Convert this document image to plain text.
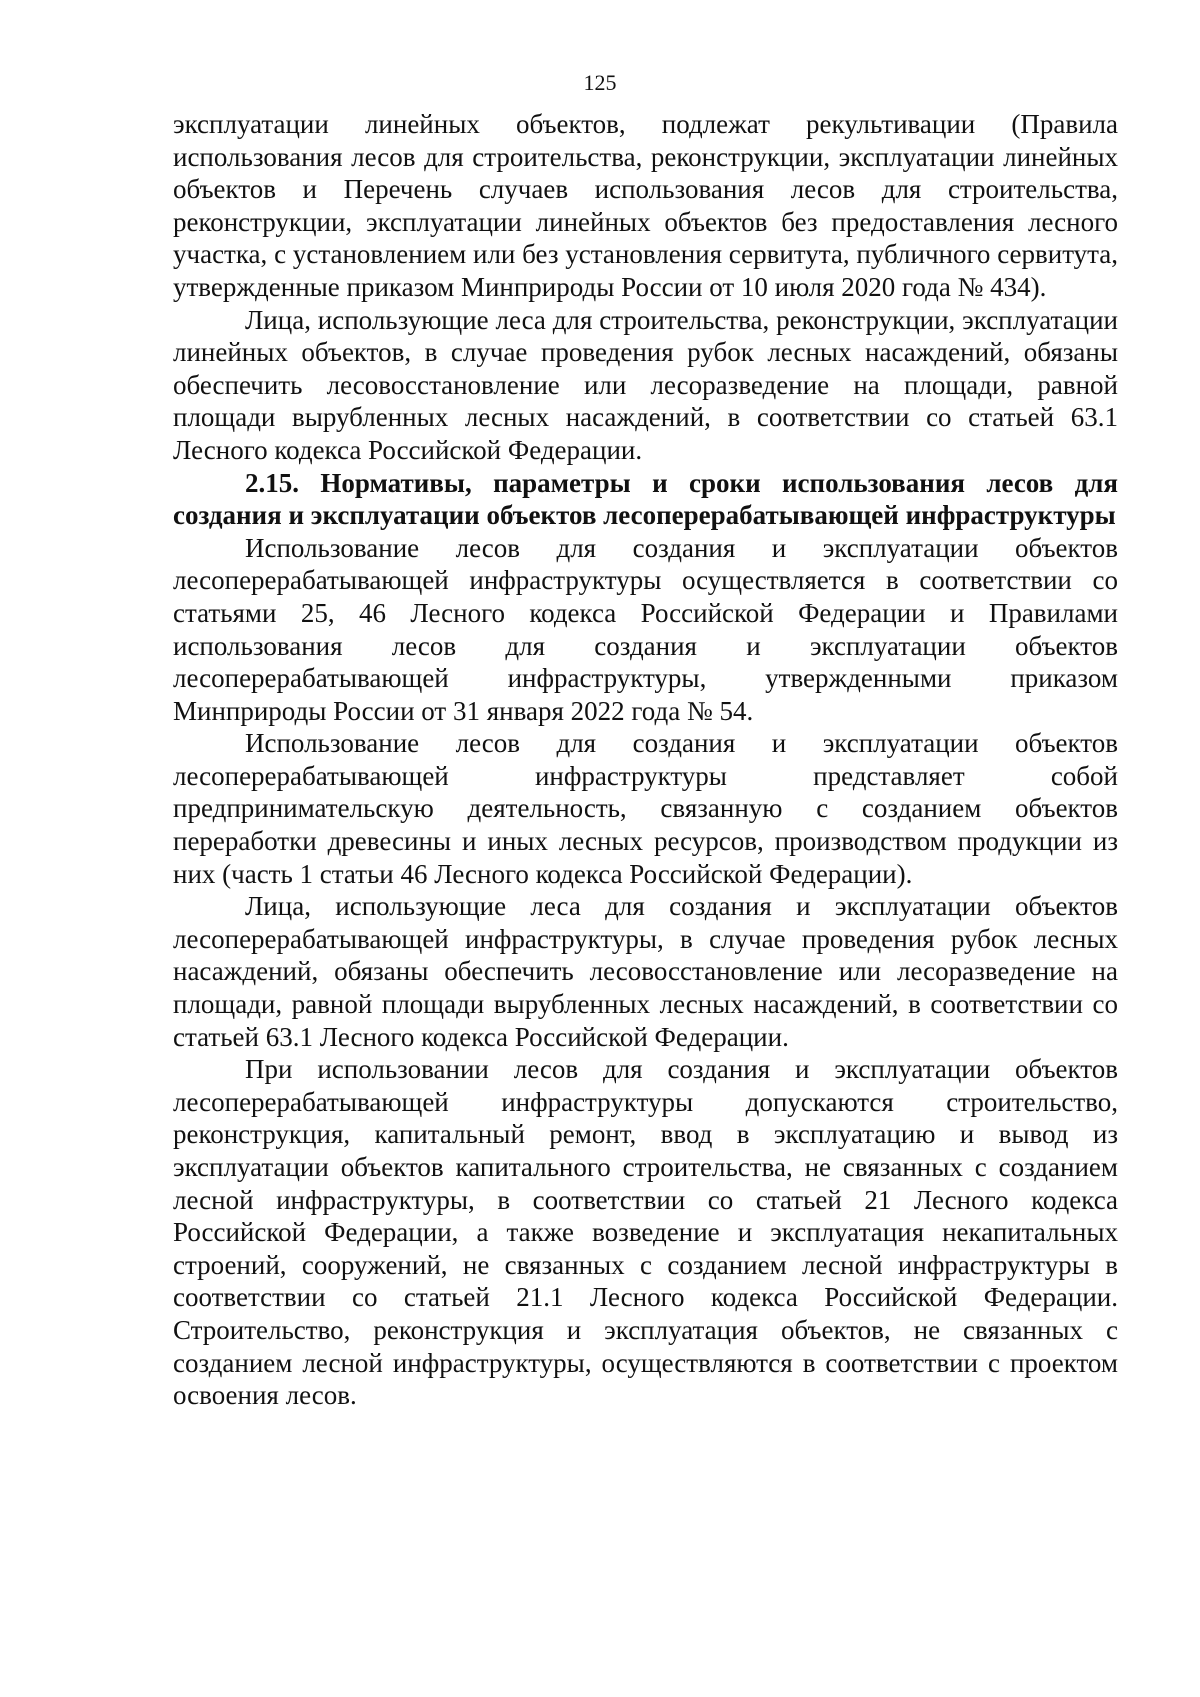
125

эксплуатации линейных объектов, подлежат рекультивации (Правила использования лесов для строительства, реконструкции, эксплуатации линейных объектов и Перечень случаев использования лесов для строительства, реконструкции, эксплуатации линейных объектов без предоставления лесного участка, с установлением или без установления сервитута, публичного сервитута, утвержденные приказом Минприроды России от 10 июля 2020 года № 434).

Лица, использующие леса для строительства, реконструкции, эксплуатации линейных объектов, в случае проведения рубок лесных насаждений, обязаны обеспечить лесовосстановление или лесоразведение на площади, равной площади вырубленных лесных насаждений, в соответствии со статьей 63.1 Лесного кодекса Российской Федерации.

2.15. Нормативы, параметры и сроки использования лесов для создания и эксплуатации объектов лесоперерабатывающей инфраструктуры

Использование лесов для создания и эксплуатации объектов лесоперерабатывающей инфраструктуры осуществляется в соответствии со статьями 25, 46 Лесного кодекса Российской Федерации и Правилами использования лесов для создания и эксплуатации объектов лесоперерабатывающей инфраструктуры, утвержденными приказом Минприроды России от 31 января 2022 года № 54.

Использование лесов для создания и эксплуатации объектов лесоперерабатывающей инфраструктуры представляет собой предпринимательскую деятельность, связанную с созданием объектов переработки древесины и иных лесных ресурсов, производством продукции из них (часть 1 статьи 46 Лесного кодекса Российской Федерации).

Лица, использующие леса для создания и эксплуатации объектов лесоперерабатывающей инфраструктуры, в случае проведения рубок лесных насаждений, обязаны обеспечить лесовосстановление или лесоразведение на площади, равной площади вырубленных лесных насаждений, в соответствии со статьей 63.1 Лесного кодекса Российской Федерации.

При использовании лесов для создания и эксплуатации объектов лесоперерабатывающей инфраструктуры допускаются строительство, реконструкция, капитальный ремонт, ввод в эксплуатацию и вывод из эксплуатации объектов капитального строительства, не связанных с созданием лесной инфраструктуры, в соответствии со статьей 21 Лесного кодекса Российской Федерации, а также возведение и эксплуатация некапитальных строений, сооружений, не связанных с созданием лесной инфраструктуры в соответствии со статьей 21.1 Лесного кодекса Российской Федерации. Строительство, реконструкция и эксплуатация объектов, не связанных с созданием лесной инфраструктуры, осуществляются в соответствии с проектом освоения лесов.
